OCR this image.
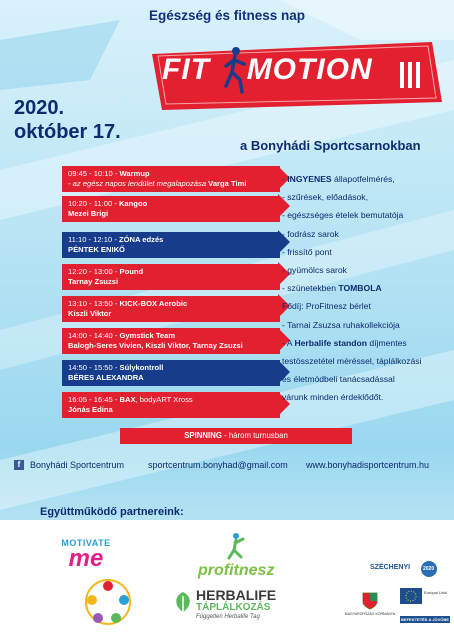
Egészség és fitness nap
FIT MOTION
2020.
október 17.
a Bonyhádi Sportcsarnokban
09:45 - 10:10 - Warmup
- az egész napos lendület megalapozása Varga Timi
10:20 - 11:00 - Kangoo
Mezei Brigi
11:10 - 12:10 - ZÓNA edzés
PÉNTEK ENIKŐ
12:20 - 13:00 - Pound
Tarnay Zsuzsi
13:10 - 13:50 - KICK-BOX Aerobic
Kiszli Viktor
14:00 - 14:40 - Gymstick Team
Balogh-Seres Vivien, Kiszli Viktor, Tarnay Zsuzsi
14:50 - 15:50 - Súlykontroll
BÉRES ALEXANDRA
16:05 - 16:45 - BAX, bodyART Xross
Jónás Edina
- INGYENES állapotfelmérés,
- szűrések, előadások,
- egészséges ételek bemutatója
- fodrász sarok
- frissítő pont
- gyümölcs sarok
- szünetekben TOMBOLA
Fődíj: ProFitnesz bérlet
- Tarnai Zsuzsa ruhakollekciója
- A Herbalife standon díjmentes
testösszetétel méréssel, táplálkozási
és életmódbeli tanácsadással
várunk minden érdeklődőt.
SPINNING - három turnusban
f	Bonyhádi Sportcentrum	sportcentrum.bonyhad@gmail.com www.bonyhadisportcentrum.hu
Együttműködő partnereink:
MOTIVATE
me	profitnesz
HERBALIFE
TÁPLÁLKOZÁS
Független Herbalife Tag
SZÉCHENYI	2020
MAGYARORSZÁG KORMÁNYA
Európai Unió
BEFEKTETÉS A JÖVŐBE
